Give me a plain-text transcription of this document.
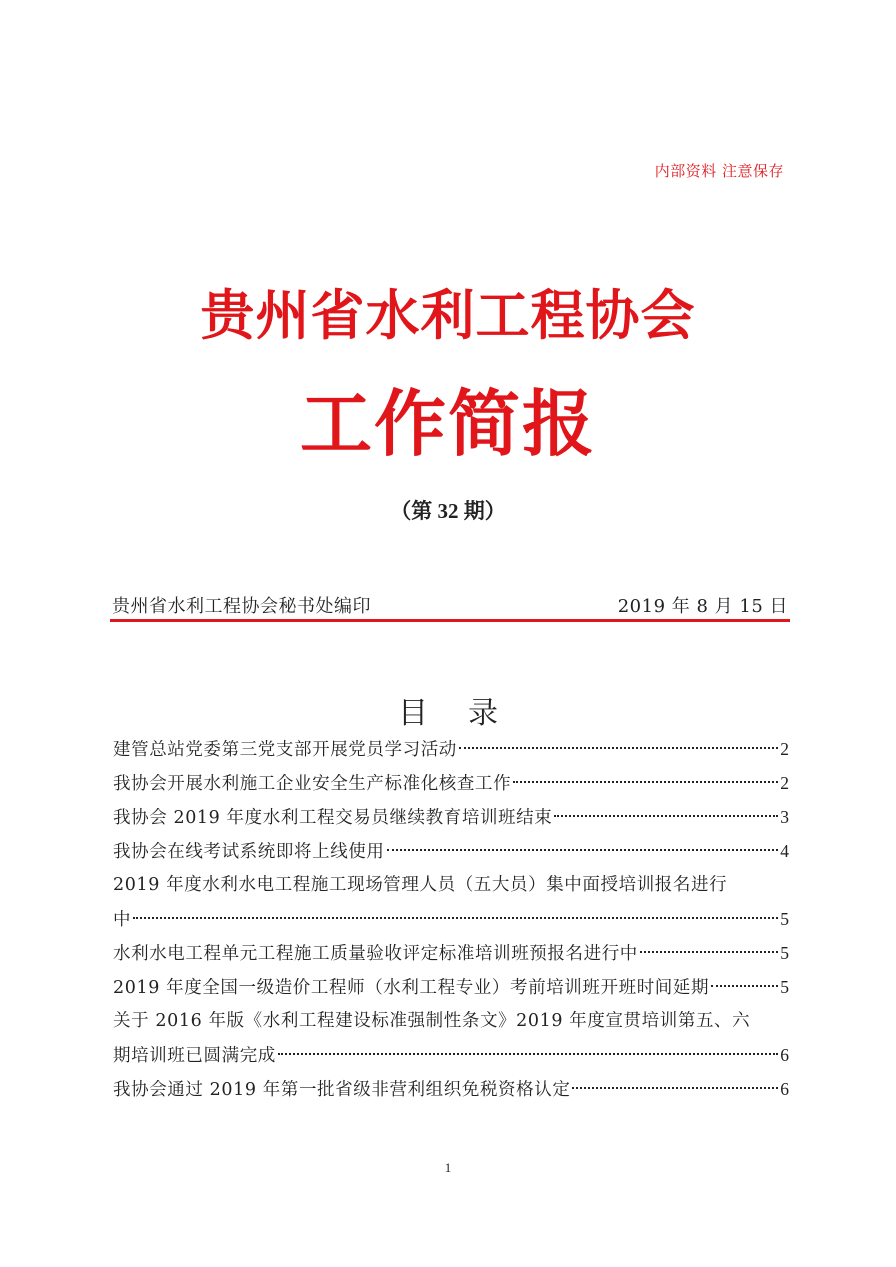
内部资料 注意保存
贵州省水利工程协会
工作简报
（第 32 期）
贵州省水利工程协会秘书处编印	2019 年 8 月 15 日
目录
建管总站党委第三党支部开展党员学习活动	2
我协会开展水利施工企业安全生产标准化核查工作	2
我协会 2019 年度水利工程交易员继续教育培训班结束	3
我协会在线考试系统即将上线使用	4
2019 年度水利水电工程施工现场管理人员（五大员）集中面授培训报名进行
中	5
水利水电工程单元工程施工质量验收评定标准培训班预报名进行中	5
2019 年度全国一级造价工程师（水利工程专业）考前培训班开班时间延期	5
关于 2016 年版《水利工程建设标准强制性条文》2019 年度宣贯培训第五、六
期培训班已圆满完成	6
我协会通过 2019 年第一批省级非营利组织免税资格认定	6
1
